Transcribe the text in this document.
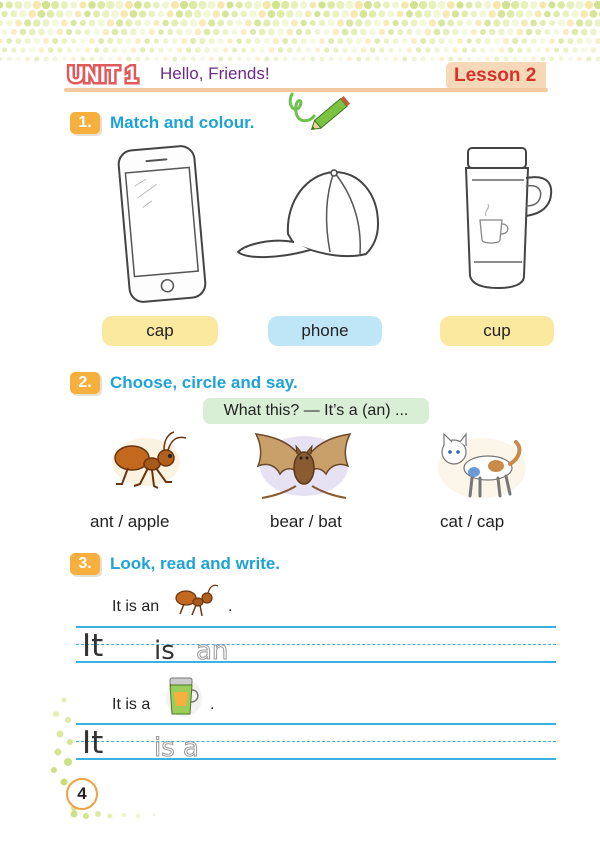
UNIT 1 Hello, Friends!	Lesson 2
1.	Match and colour.
cap	phone	cup
2.	Choose, circle and say.
What this? — It’s a (an) ...
ant / apple	bear / bat	cat / cap
3.	Look, read and write.
It is an	.
It is an
It is a	.
It is a
4
